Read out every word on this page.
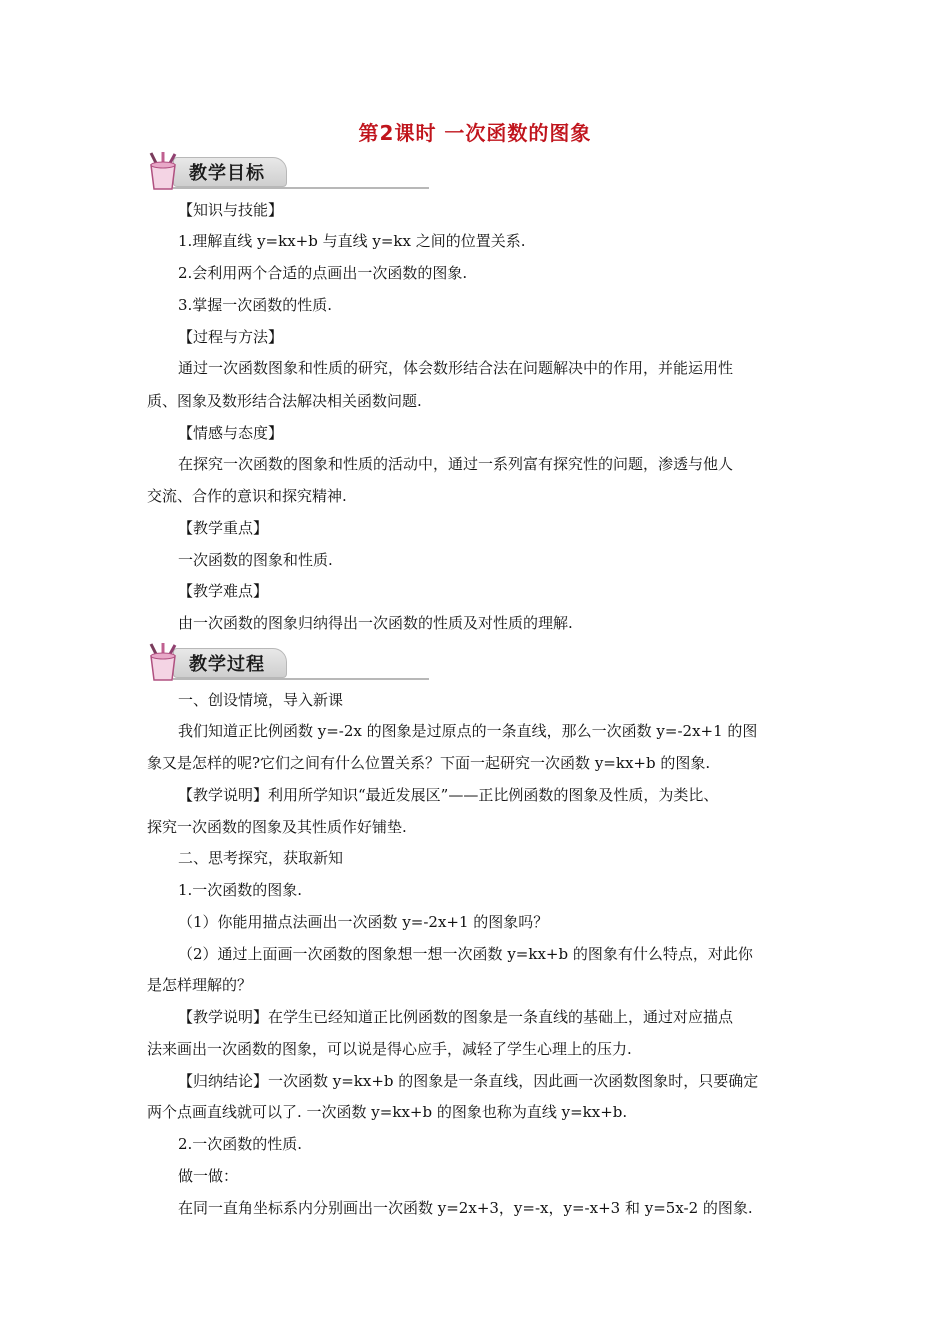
第2课时 一次函数的图象
教学目标
教学过程
【知识与技能】
1.理解直线 y=kx+b 与直线 y=kx 之间的位置关系.
2.会利用两个合适的点画出一次函数的图象.
3.掌握一次函数的性质.
【过程与方法】
通过一次函数图象和性质的研究，体会数形结合法在问题解决中的作用，并能运用性
质、图象及数形结合法解决相关函数问题.
【情感与态度】
在探究一次函数的图象和性质的活动中，通过一系列富有探究性的问题，渗透与他人
交流、合作的意识和探究精神.
【教学重点】
一次函数的图象和性质.
【教学难点】
由一次函数的图象归纳得出一次函数的性质及对性质的理解.
一、创设情境，导入新课
我们知道正比例函数 y=-2x 的图象是过原点的一条直线，那么一次函数 y=-2x+1 的图
象又是怎样的呢?它们之间有什么位置关系？下面一起研究一次函数 y=kx+b 的图象.
【教学说明】利用所学知识“最近发展区”——正比例函数的图象及性质，为类比、
探究一次函数的图象及其性质作好铺垫.
二、思考探究，获取新知
1.一次函数的图象.
（1）你能用描点法画出一次函数 y=-2x+1 的图象吗？
（2）通过上面画一次函数的图象想一想一次函数 y=kx+b 的图象有什么特点，对此你
是怎样理解的？
【教学说明】在学生已经知道正比例函数的图象是一条直线的基础上，通过对应描点
法来画出一次函数的图象，可以说是得心应手，减轻了学生心理上的压力.
【归纳结论】一次函数 y=kx+b 的图象是一条直线，因此画一次函数图象时，只要确定
两个点画直线就可以了. 一次函数 y=kx+b 的图象也称为直线 y=kx+b.
2.一次函数的性质.
做一做：
在同一直角坐标系内分别画出一次函数 y=2x+3，y=-x，y=-x+3 和 y=5x-2 的图象.
